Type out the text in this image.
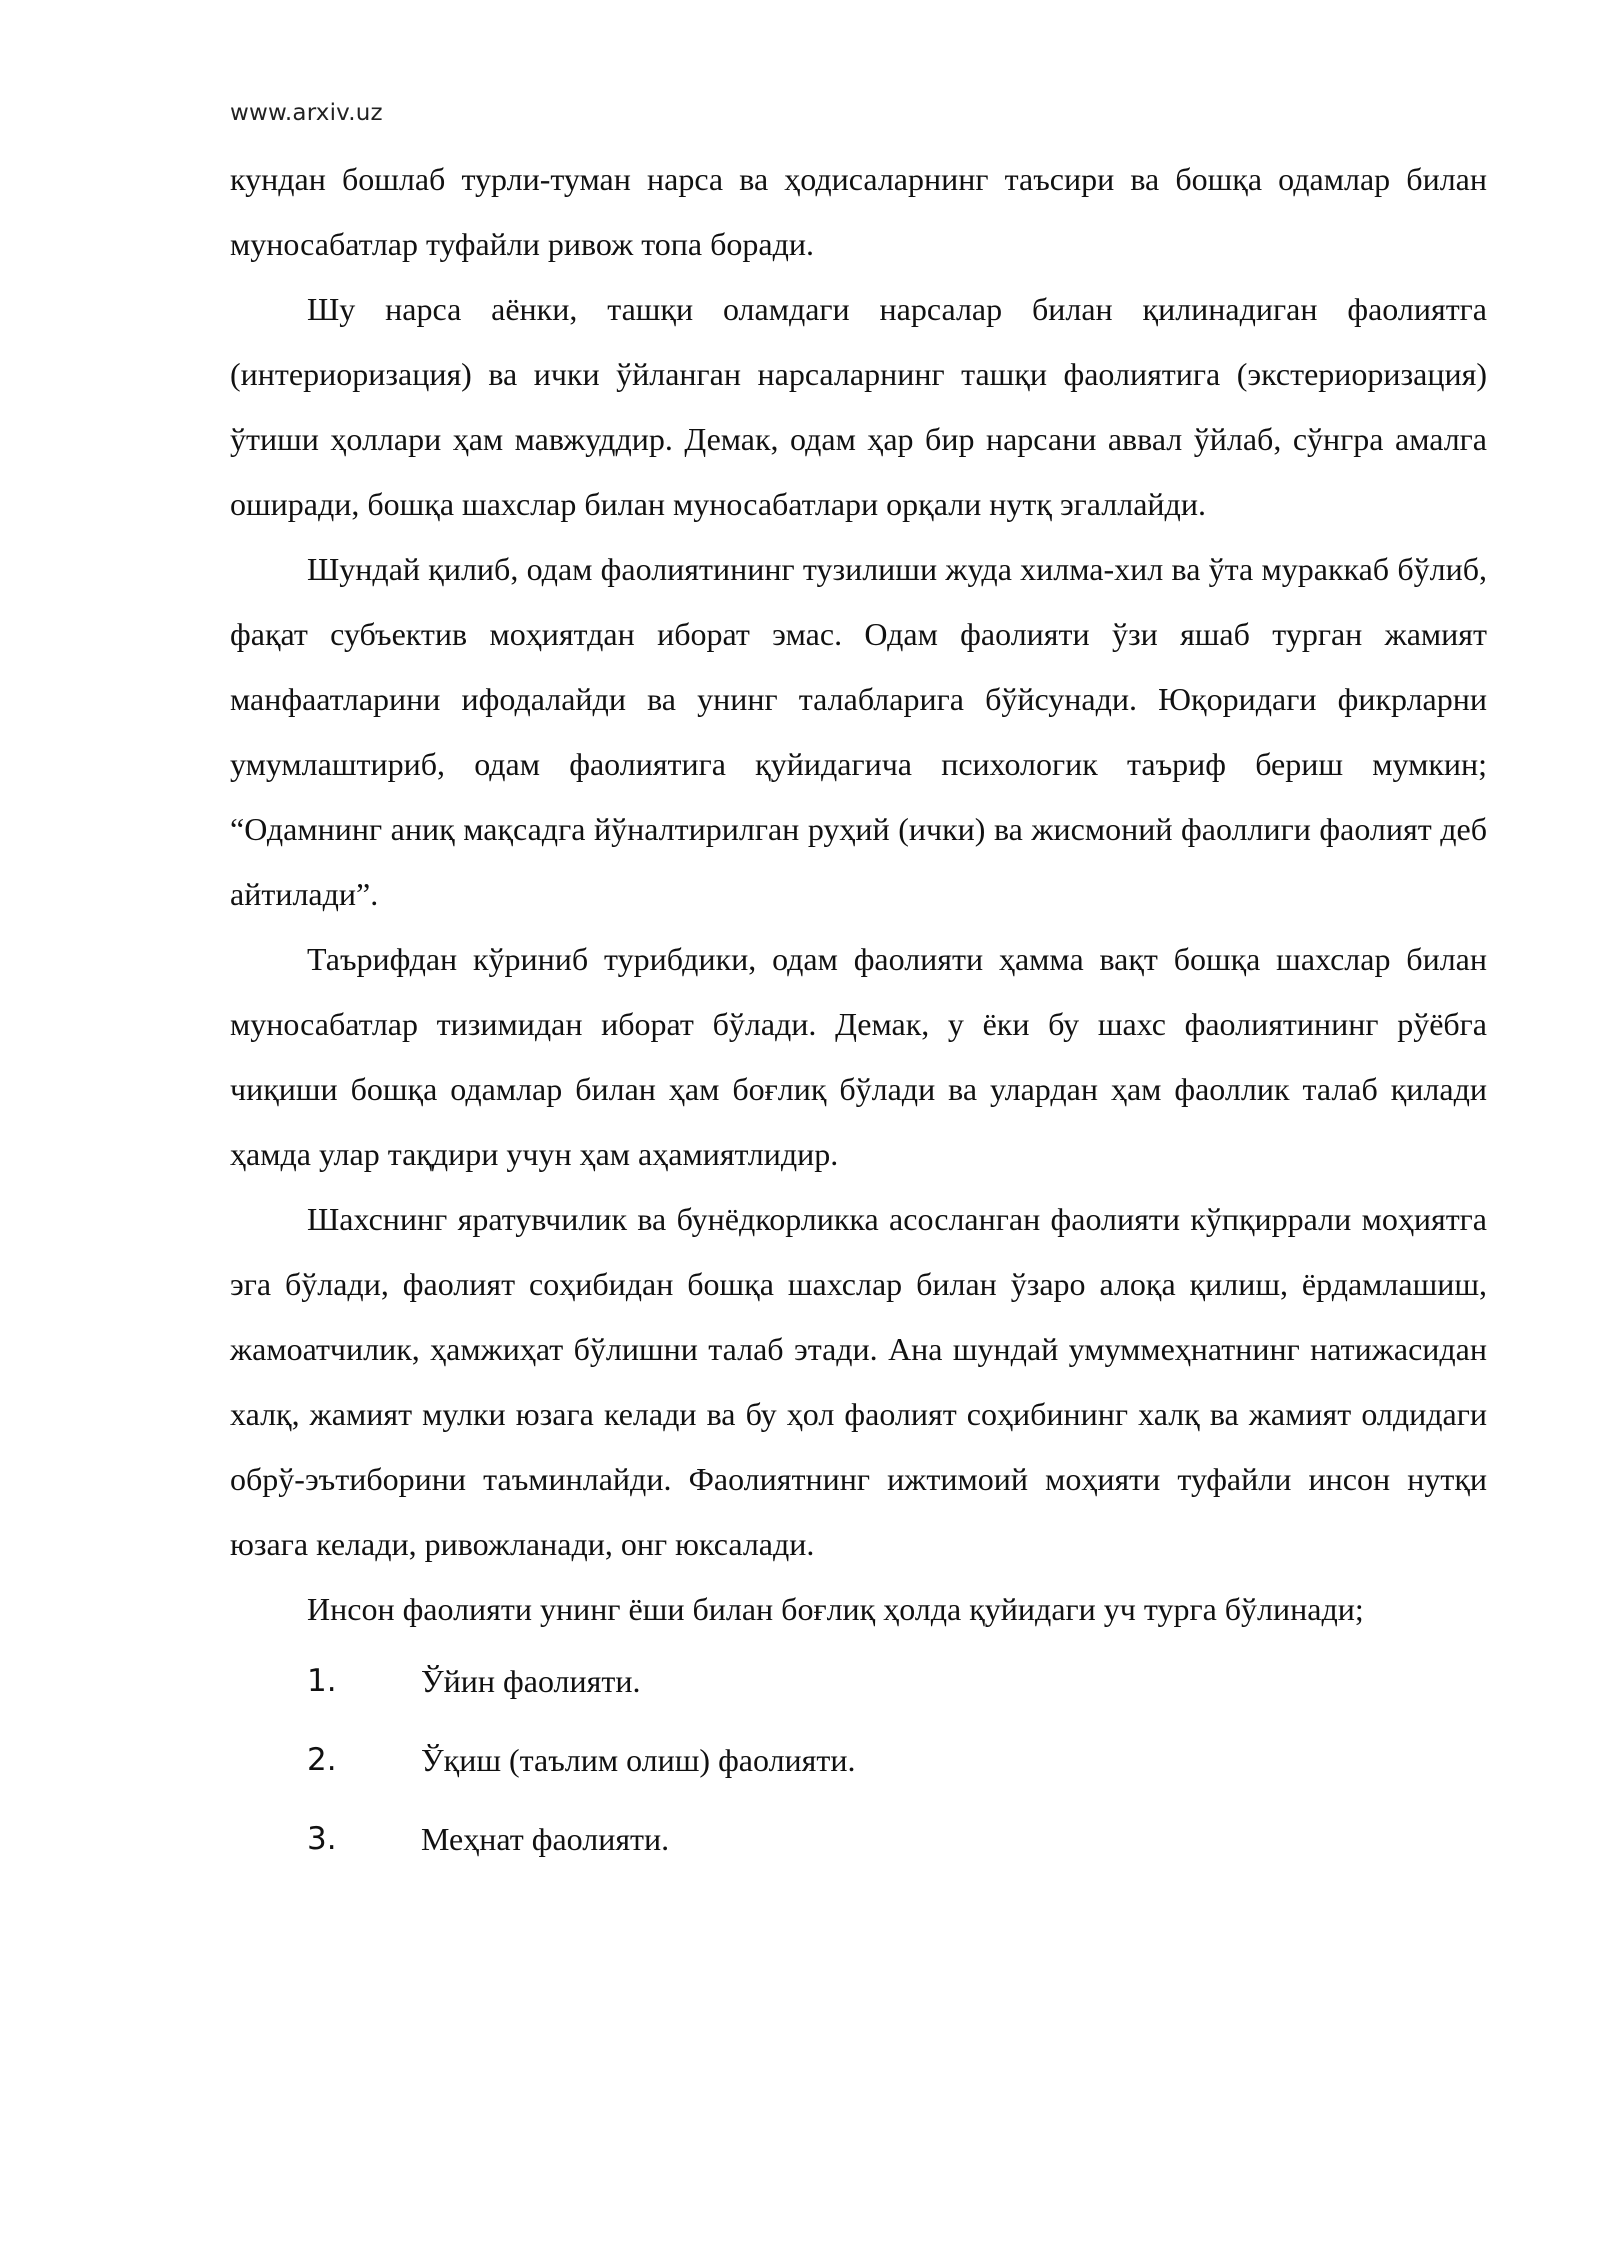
www.arxiv.uz

кундан бошлаб турли-туман нарса ва ҳодисаларнинг таъсири ва бошқа одамлар билан муносабатлар туфайли ривож топа боради.

Шу нарса аёнки, ташқи оламдаги нарсалар билан қилинадиган фаолиятга (интериоризация) ва ички ўйланган нарсаларнинг ташқи фаолиятига (экстериоризация) ўтиши ҳоллари ҳам мавжуддир. Демак, одам ҳар бир нарсани аввал ўйлаб, сўнгра амалга оширади, бошқа шахслар билан муносабатлари орқали нутқ эгаллайди.

Шундай қилиб, одам фаолиятининг тузилиши жуда хилма-хил ва ўта мураккаб бўлиб, фақат субъектив моҳиятдан иборат эмас. Одам фаолияти ўзи яшаб турган жамият манфаатларини ифодалайди ва унинг талабларига бўйсунади. Юқоридаги фикрларни умумлаштириб, одам фаолиятига қуйидагича психологик таъриф бериш мумкин; “Одамнинг аниқ мақсадга йўналтирилган руҳий (ички) ва жисмоний фаоллиги фаолият деб айтилади”.

Таърифдан кўриниб турибдики, одам фаолияти ҳамма вақт бошқа шахслар билан муносабатлар тизимидан иборат бўлади. Демак, у ёки бу шахс фаолиятининг рўёбга чиқиши бошқа одамлар билан ҳам боғлиқ бўлади ва улардан ҳам фаоллик талаб қилади ҳамда улар тақдири учун ҳам аҳамиятлидир.

Шахснинг яратувчилик ва бунёдкорликка асосланган фаолияти кўпқиррали моҳиятга эга бўлади, фаолият соҳибидан бошқа шахслар билан ўзаро алоқа қилиш, ёрдамлашиш, жамоатчилик, ҳамжиҳат бўлишни талаб этади. Ана шундай умуммеҳнатнинг натижасидан халқ, жамият мулки юзага келади ва бу ҳол фаолият соҳибининг халқ ва жамият олдидаги обрў-эътиборини таъминлайди. Фаолиятнинг ижтимоий моҳияти туфайли инсон нутқи юзага келади, ривожланади, онг юксалади.

Инсон фаолияти унинг ёши билан боғлиқ ҳолда қуйидаги уч турга бўлинади;

1.	Ўйин фаолияти.
2.	Ўқиш (таълим олиш) фаолияти.
3.	Меҳнат фаолияти.
